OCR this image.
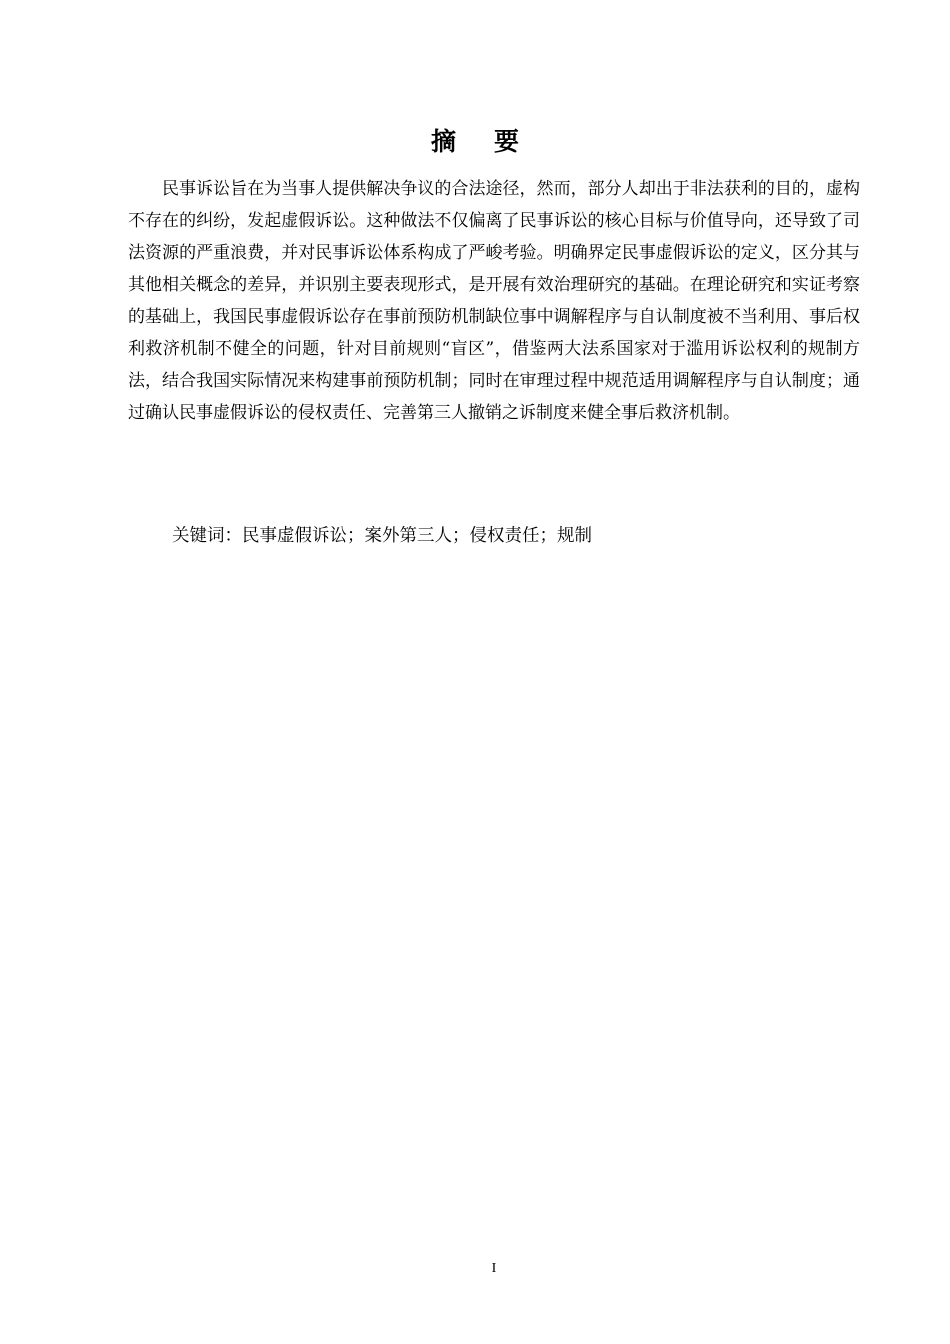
摘要

民事诉讼旨在为当事人提供解决争议的合法途径，然而，部分人却出于非法获利的目的，虚构不存在的纠纷，发起虚假诉讼。这种做法不仅偏离了民事诉讼的核心目标与价值导向，还导致了司法资源的严重浪费，并对民事诉讼体系构成了严峻考验。明确界定民事虚假诉讼的定义，区分其与其他相关概念的差异，并识别主要表现形式，是开展有效治理研究的基础。在理论研究和实证考察的基础上，我国民事虚假诉讼存在事前预防机制缺位事中调解程序与自认制度被不当利用、事后权利救济机制不健全的问题，针对目前规则“盲区”，借鉴两大法系国家对于滥用诉讼权利的规制方法，结合我国实际情况来构建事前预防机制；同时在审理过程中规范适用调解程序与自认制度；通过确认民事虚假诉讼的侵权责任、完善第三人撤销之诉制度来健全事后救济机制。

关键词：民事虚假诉讼；案外第三人；侵权责任；规制
I
